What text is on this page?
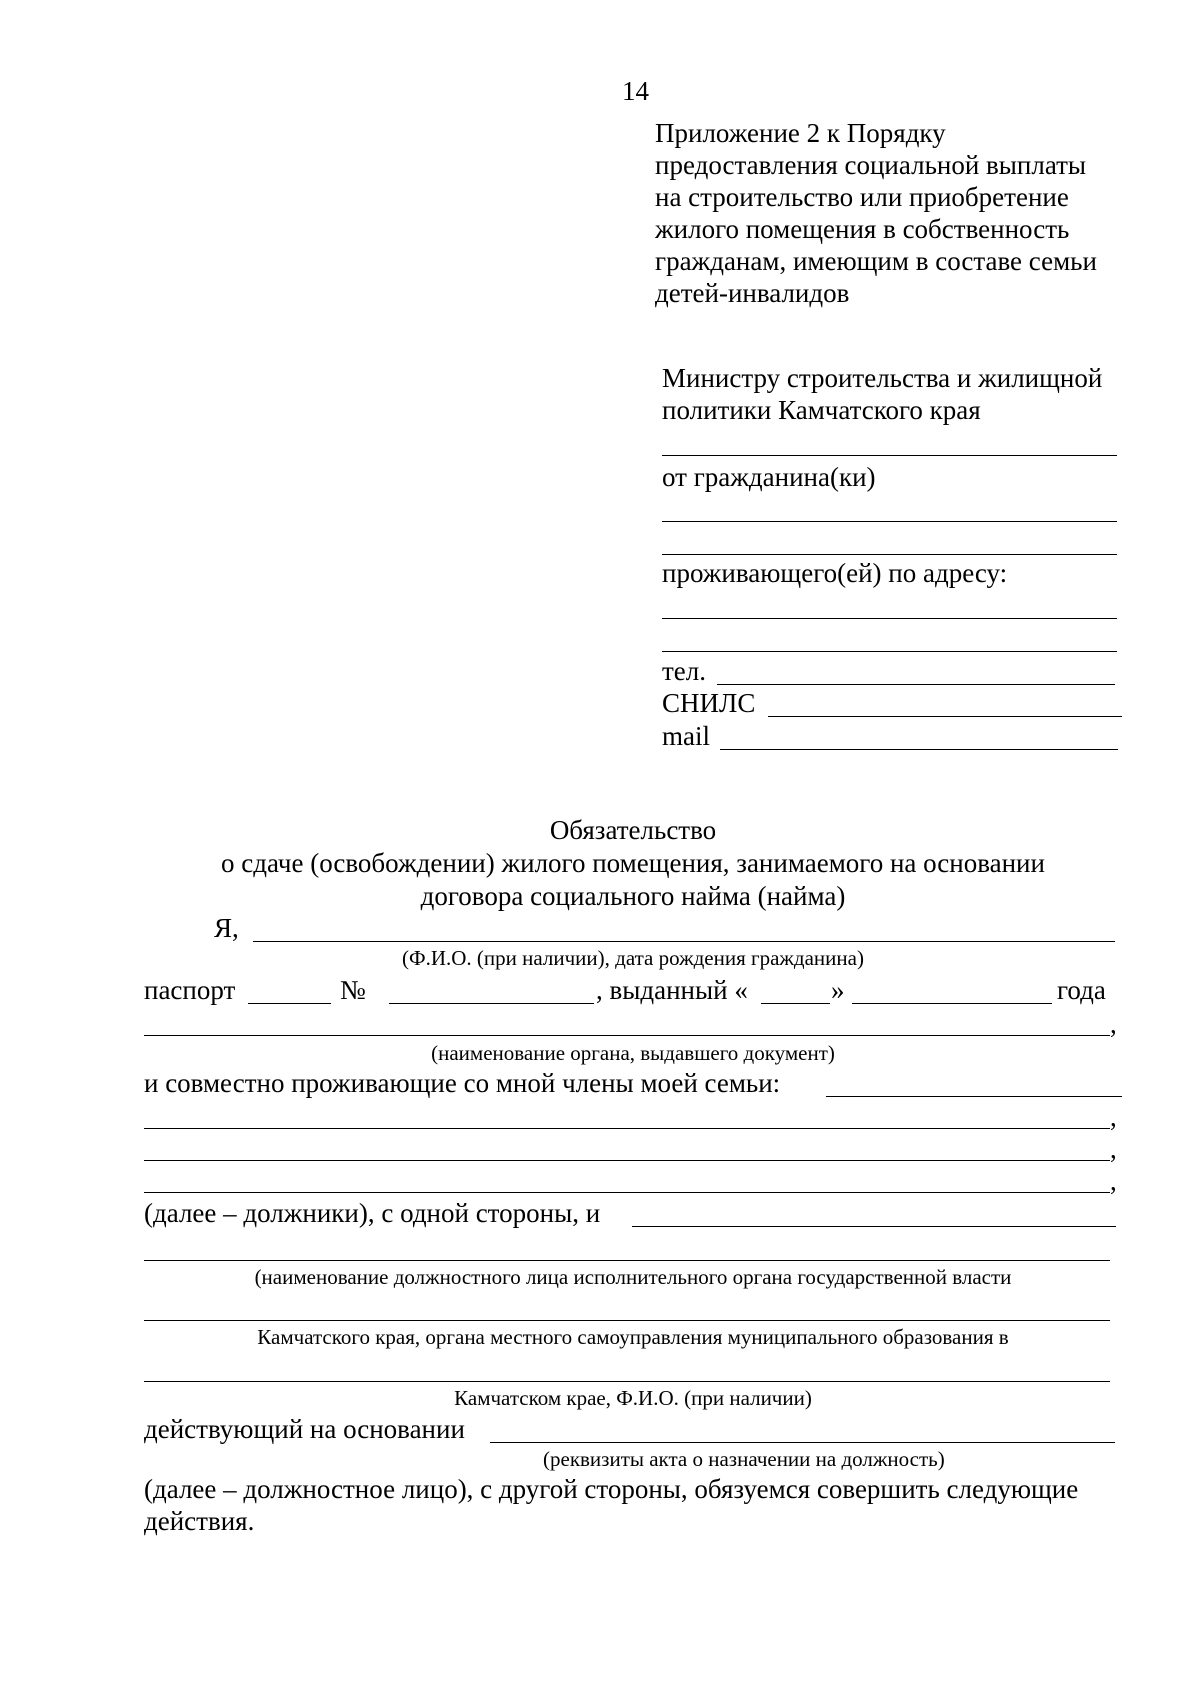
14
Приложение 2 к Порядку
предоставления социальной выплаты
на строительство или приобретение
жилого помещения в собственность
гражданам, имеющим в составе семьи
детей-инвалидов
Министру строительства и жилищной
политики Камчатского края
от гражданина(ки)
проживающего(ей) по адресу:
тел.
СНИЛС
mail
Обязательство
о сдаче (освобождении) жилого помещения, занимаемого на основании
договора социального найма (найма)
Я,
(Ф.И.О. (при наличии), дата рождения гражданина)
паспорт	№	, выданный «	»	года
,
(наименование органа, выдавшего документ)
и совместно проживающие со мной члены моей семьи:
,
,
,
(далее – должники), с одной стороны, и
(наименование должностного лица исполнительного органа государственной власти
Камчатского края, органа местного самоуправления муниципального образования в
Камчатском крае, Ф.И.О. (при наличии)
действующий на основании
(реквизиты акта о назначении на должность)
(далее – должностное лицо), с другой стороны, обязуемся совершить следующие
действия.
